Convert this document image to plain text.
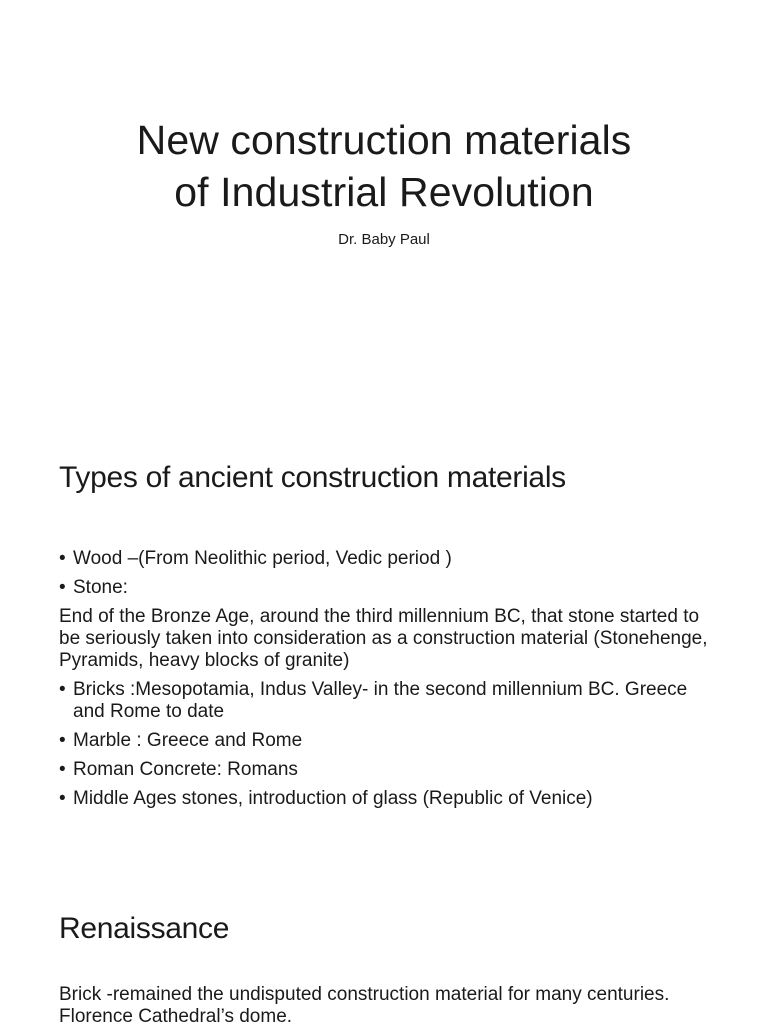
New construction materials
of Industrial Revolution
Dr. Baby Paul
Types of ancient construction materials
• Wood –(From Neolithic period, Vedic period )
• Stone:
End of the Bronze Age, around the third millennium BC, that stone started to be seriously taken into consideration as a construction material (Stonehenge, Pyramids, heavy blocks of granite)
• Bricks :Mesopotamia, Indus Valley- in the second millennium BC. Greece and Rome to date
• Marble : Greece and Rome
• Roman Concrete: Romans
• Middle Ages stones, introduction of glass (Republic of Venice)
Renaissance
Brick -remained the undisputed construction material for many centuries. Florence Cathedral’s dome.
